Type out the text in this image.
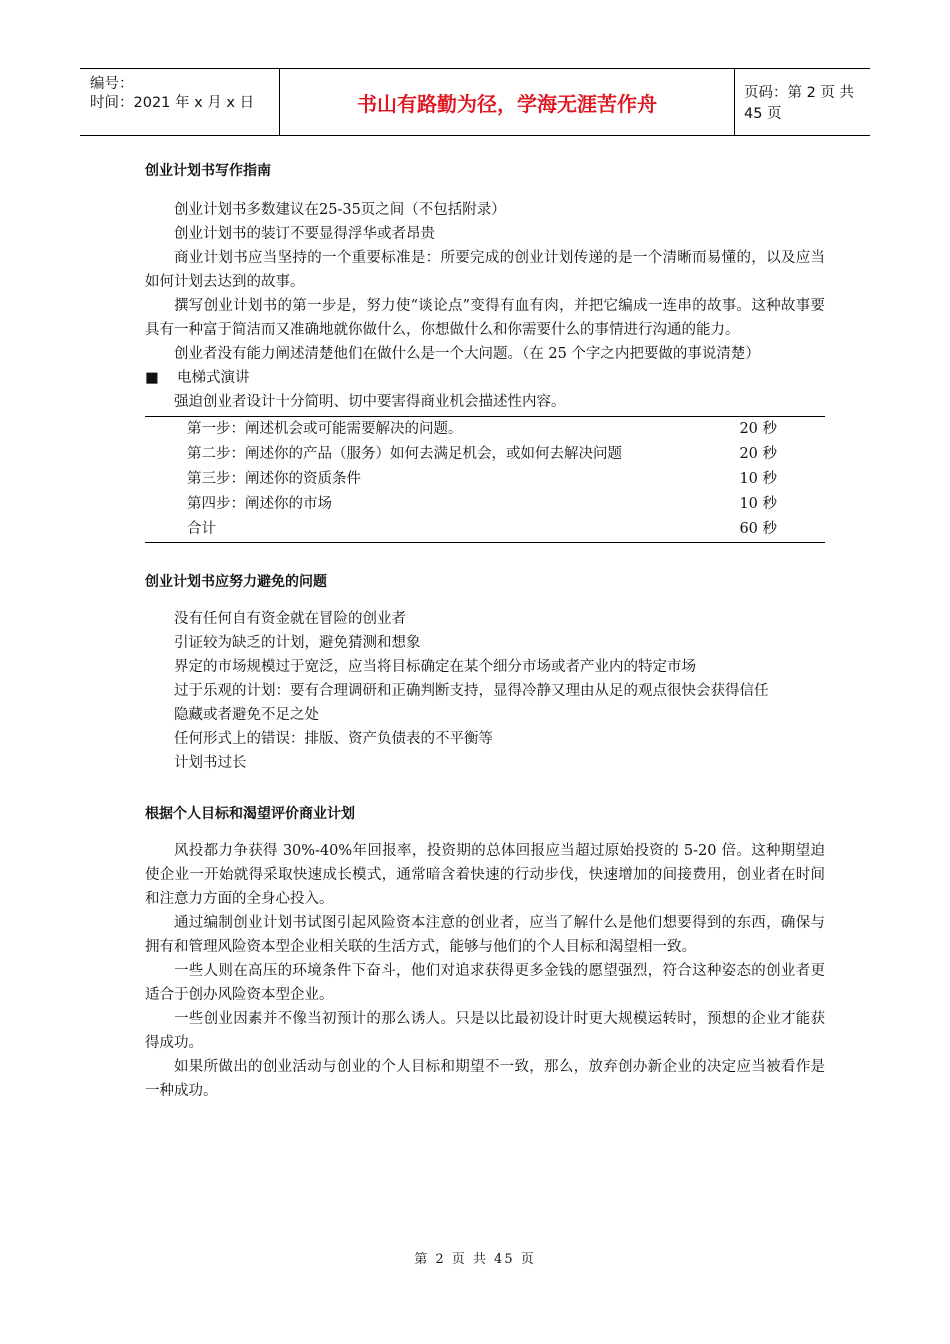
编号：
时间：2021 年 x 月 x 日	书山有路勤为径，学海无涯苦作舟	页码：第 2 页 共 45 页
创业计划书写作指南

创业计划书多数建议在25-35页之间（不包括附录）

创业计划书的装订不要显得浮华或者昂贵

商业计划书应当坚持的一个重要标准是：所要完成的创业计划传递的是一个清晰而易懂的，以及应当如何计划去达到的故事。

撰写创业计划书的第一步是，努力使“谈论点”变得有血有肉，并把它编成一连串的故事。这种故事要具有一种富于简洁而又准确地就你做什么，你想做什么和你需要什么的事情进行沟通的能力。

创业者没有能力阐述清楚他们在做什么是一个大问题。（在 25 个字之内把要做的事说清楚）

■ 电梯式演讲

强迫创业者设计十分简明、切中要害得商业机会描述性内容。

第一步：阐述机会或可能需要解决的问题。	20 秒
第二步：阐述你的产品（服务）如何去满足机会，或如何去解决问题	20 秒
第三步：阐述你的资质条件	10 秒
第四步：阐述你的市场	10 秒
合计	60 秒
创业计划书应努力避免的问题

没有任何自有资金就在冒险的创业者

引证较为缺乏的计划，避免猜测和想象

界定的市场规模过于宽泛，应当将目标确定在某个细分市场或者产业内的特定市场

过于乐观的计划：要有合理调研和正确判断支持，显得冷静又理由从足的观点很快会获得信任

隐藏或者避免不足之处

任何形式上的错误：排版、资产负债表的不平衡等

计划书过长

根据个人目标和渴望评价商业计划

风投都力争获得 30%-40%年回报率，投资期的总体回报应当超过原始投资的 5-20 倍。这种期望迫使企业一开始就得采取快速成长模式，通常暗含着快速的行动步伐，快速增加的间接费用，创业者在时间和注意力方面的全身心投入。

通过编制创业计划书试图引起风险资本注意的创业者，应当了解什么是他们想要得到的东西，确保与拥有和管理风险资本型企业相关联的生活方式，能够与他们的个人目标和渴望相一致。

一些人则在高压的环境条件下奋斗，他们对追求获得更多金钱的愿望强烈，符合这种姿态的创业者更适合于创办风险资本型企业。

一些创业因素并不像当初预计的那么诱人。只是以比最初设计时更大规模运转时，预想的企业才能获得成功。

如果所做出的创业活动与创业的个人目标和期望不一致，那么，放弃创办新企业的决定应当被看作是一种成功。

第 2 页 共 45 页
